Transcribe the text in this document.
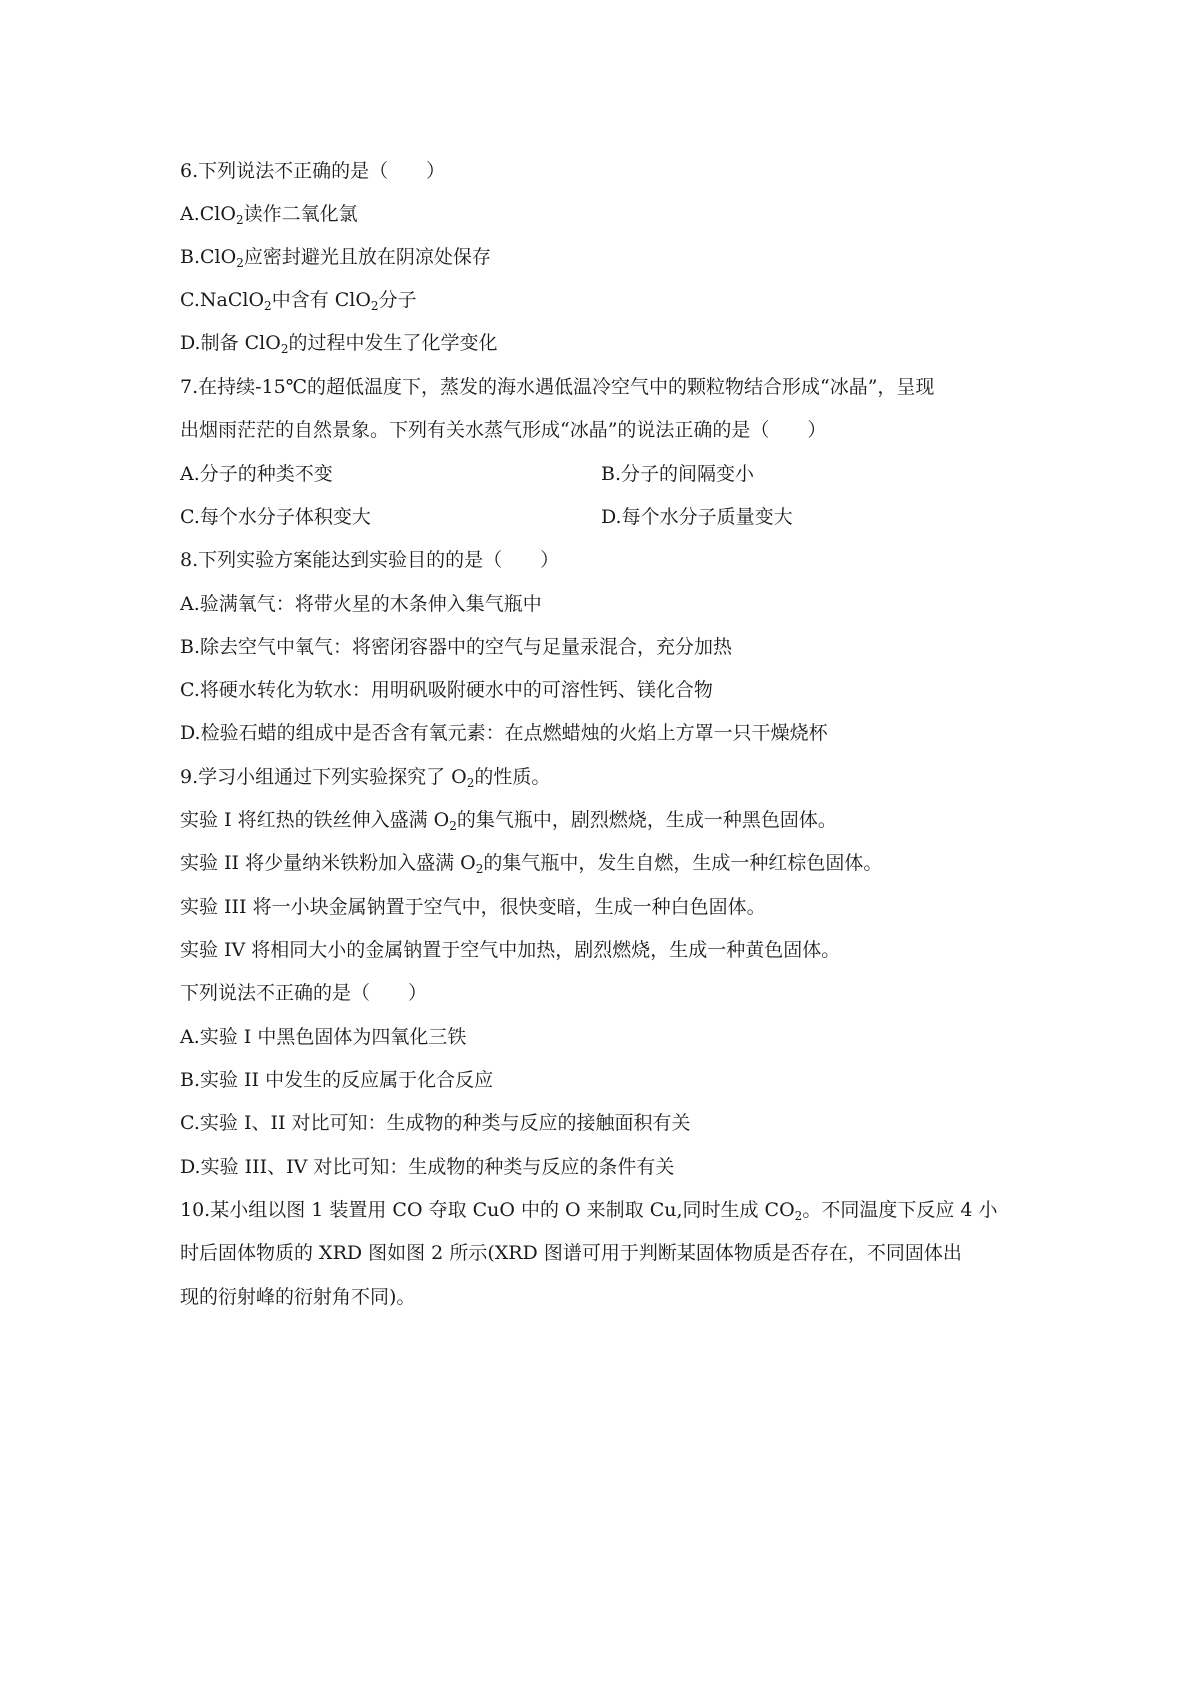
6.下列说法不正确的是（　　）
A.ClO$_2$读作二氧化氯
B.ClO$_2$应密封避光且放在阴凉处保存
C.NaClO$_2$中含有 ClO$_2$分子
D.制备 ClO$_2$的过程中发生了化学变化
7.在持续-15℃的超低温度下，蒸发的海水遇低温冷空气中的颗粒物结合形成“冰晶”，呈现
出烟雨茫茫的自然景象。下列有关水蒸气形成“冰晶”的说法正确的是（　　）
A.分子的种类不变	B.分子的间隔变小
C.每个水分子体积变大	D.每个水分子质量变大
8.下列实验方案能达到实验目的的是（　　）
A.验满氧气：将带火星的木条伸入集气瓶中
B.除去空气中氧气：将密闭容器中的空气与足量汞混合，充分加热
C.将硬水转化为软水：用明矾吸附硬水中的可溶性钙、镁化合物
D.检验石蜡的组成中是否含有氧元素：在点燃蜡烛的火焰上方罩一只干燥烧杯
9.学习小组通过下列实验探究了 $O_2$的性质。
实验 I 将红热的铁丝伸入盛满 $O_2$的集气瓶中，剧烈燃烧，生成一种黑色固体。
实验 II 将少量纳米铁粉加入盛满 $O_2$的集气瓶中，发生自燃，生成一种红棕色固体。
实验 III 将一小块金属钠置于空气中，很快变暗，生成一种白色固体。
实验 IV 将相同大小的金属钠置于空气中加热，剧烈燃烧，生成一种黄色固体。
下列说法不正确的是（　　）
A.实验 I 中黑色固体为四氧化三铁
B.实验 II 中发生的反应属于化合反应
C.实验 I、II 对比可知：生成物的种类与反应的接触面积有关
D.实验 III、IV 对比可知：生成物的种类与反应的条件有关
10.某小组以图 1 装置用 CO 夺取 CuO 中的 O 来制取 Cu,同时生成 $CO_2$。不同温度下反应 4 小
时后固体物质的 XRD 图如图 2 所示(XRD 图谱可用于判断某固体物质是否存在，不同固体出
现的衍射峰的衍射角不同)。
